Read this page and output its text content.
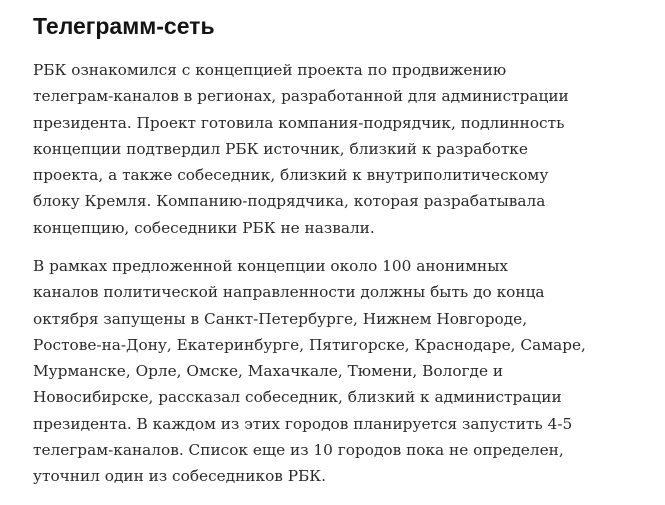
Телеграмм-сеть

РБК ознакомился с концепцией проекта по продвижению
телеграм-каналов в регионах, разработанной для администрации
президента. Проект готовила компания-подрядчик, подлинность
концепции подтвердил РБК источник, близкий к разработке
проекта, а также собеседник, близкий к внутриполитическому
блоку Кремля. Компанию-подрядчика, которая разрабатывала
концепцию, собеседники РБК не назвали.

В рамках предложенной концепции около 100 анонимных
каналов политической направленности должны быть до конца
октября запущены в Санкт-Петербурге, Нижнем Новгороде,
Ростове-на-Дону, Екатеринбурге, Пятигорске, Краснодаре, Самаре,
Мурманске, Орле, Омске, Махачкале, Тюмени, Вологде и
Новосибирске, рассказал собеседник, близкий к администрации
президента. В каждом из этих городов планируется запустить 4-5
телеграм-каналов. Список еще из 10 городов пока не определен,
уточнил один из собеседников РБК.
